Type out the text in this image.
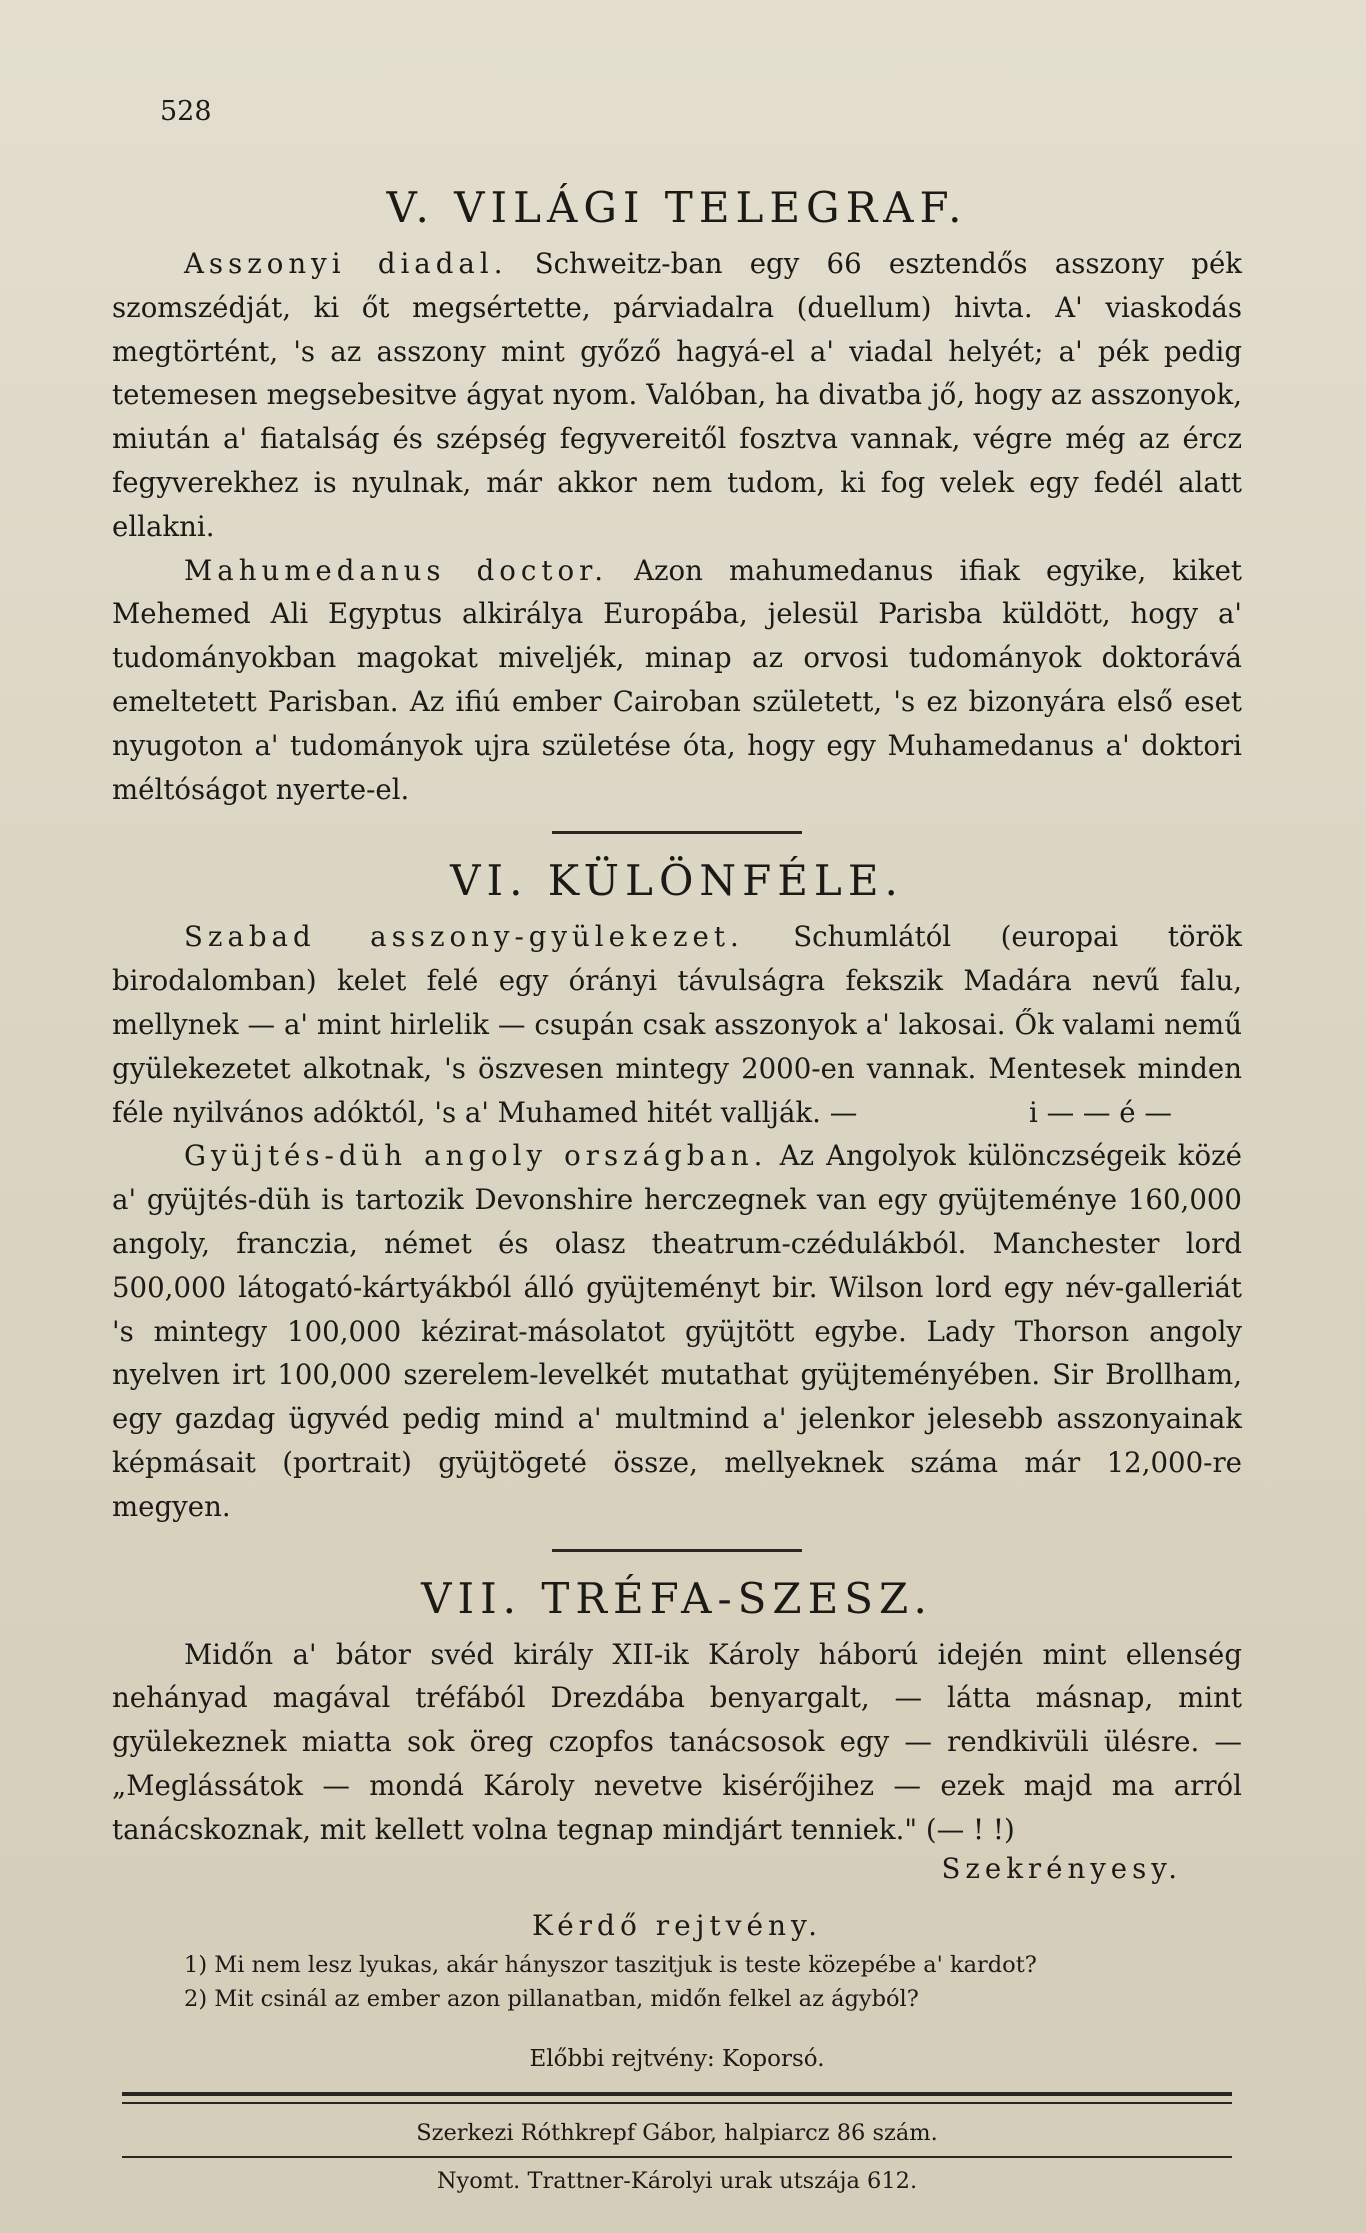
528
V. VILÁGI TELEGRAF.

Asszonyi diadal. Schweitz-ban egy 66 esztendős asszony pék szomszédját, ki őt megsértette, párviadalra (duellum) hivta. A' viaskodás megtörtént, 's az asszony mint győző hagyá-el a' viadal helyét; a' pék pedig tetemesen megsebesitve ágyat nyom. Valóban, ha divatba jő, hogy az asszonyok, miután a' fiatalság és szépség fegyvereitől fosztva vannak, végre még az ércz fegyverekhez is nyulnak, már akkor nem tudom, ki fog velek egy fedél alatt ellakni.

Mahumedanus doctor. Azon mahumedanus ifiak egyike, kiket Mehemed Ali Egyptus alkirálya Europába, jelesül Parisba küldött, hogy a' tudományokban magokat miveljék, minap az orvosi tudományok doktorává emeltetett Parisban. Az ifiú ember Cairoban született, 's ez bizonyára első eset nyugoton a' tudományok ujra születése óta, hogy egy Muhamedanus a' doktori méltóságot nyerte-el.

VI. KÜLÖNFÉLE.

Szabad asszony-gyülekezet. Schumlától (europai török birodalomban) kelet felé egy órányi távulságra fekszik Madára nevű falu, mellynek — a' mint hirlelik — csupán csak asszonyok a' lakosai. Ők valami nemű gyülekezetet alkotnak, 's öszvesen mintegy 2000-en vannak. Mentesek minden féle nyilvános adóktól, 's a' Muhamed hitét vallják. —	i — — é —

Gyüjtés-düh angoly országban. Az Angolyok különczségeik közé a' gyüjtés-düh is tartozik Devonshire herczegnek van egy gyüjteménye 160,000 angoly, franczia, német és olasz theatrum-czédulákból. Manchester lord 500,000 látogató-kártyákból álló gyüjteményt bir. Wilson lord egy név-galleriát 's mintegy 100,000 kézirat-másolatot gyüjtött egybe. Lady Thorson angoly nyelven irt 100,000 szerelem-levelkét mutathat gyüjteményében. Sir Brollham, egy gazdag ügyvéd pedig mind a' multmind a' jelenkor jelesebb asszonyainak képmásait (portrait) gyüjtögeté össze, mellyeknek száma már 12,000-re megyen.

VII. TRÉFA-SZESZ.

Midőn a' bátor svéd király XII-ik Károly háború idején mint ellenség nehányad magával tréfából Drezdába benyargalt, — látta másnap, mint gyülekeznek miatta sok öreg czopfos tanácsosok egy — rendkivüli ülésre. — „Meglássátok — mondá Károly nevetve kisérőjihez — ezek majd ma arról tanácskoznak, mit kellett volna tegnap mindjárt tenniek." (— ! !)

Szekrényesy.
Kérdő rejtvény.

1) Mi nem lesz lyukas, akár hányszor taszitjuk is teste közepébe a' kardot?

2) Mit csinál az ember azon pillanatban, midőn felkel az ágyból?

Előbbi rejtvény: Koporsó.
Szerkezi Róthkrepf Gábor, halpiarcz 86 szám.
Nyomt. Trattner-Károlyi urak utszája 612.
